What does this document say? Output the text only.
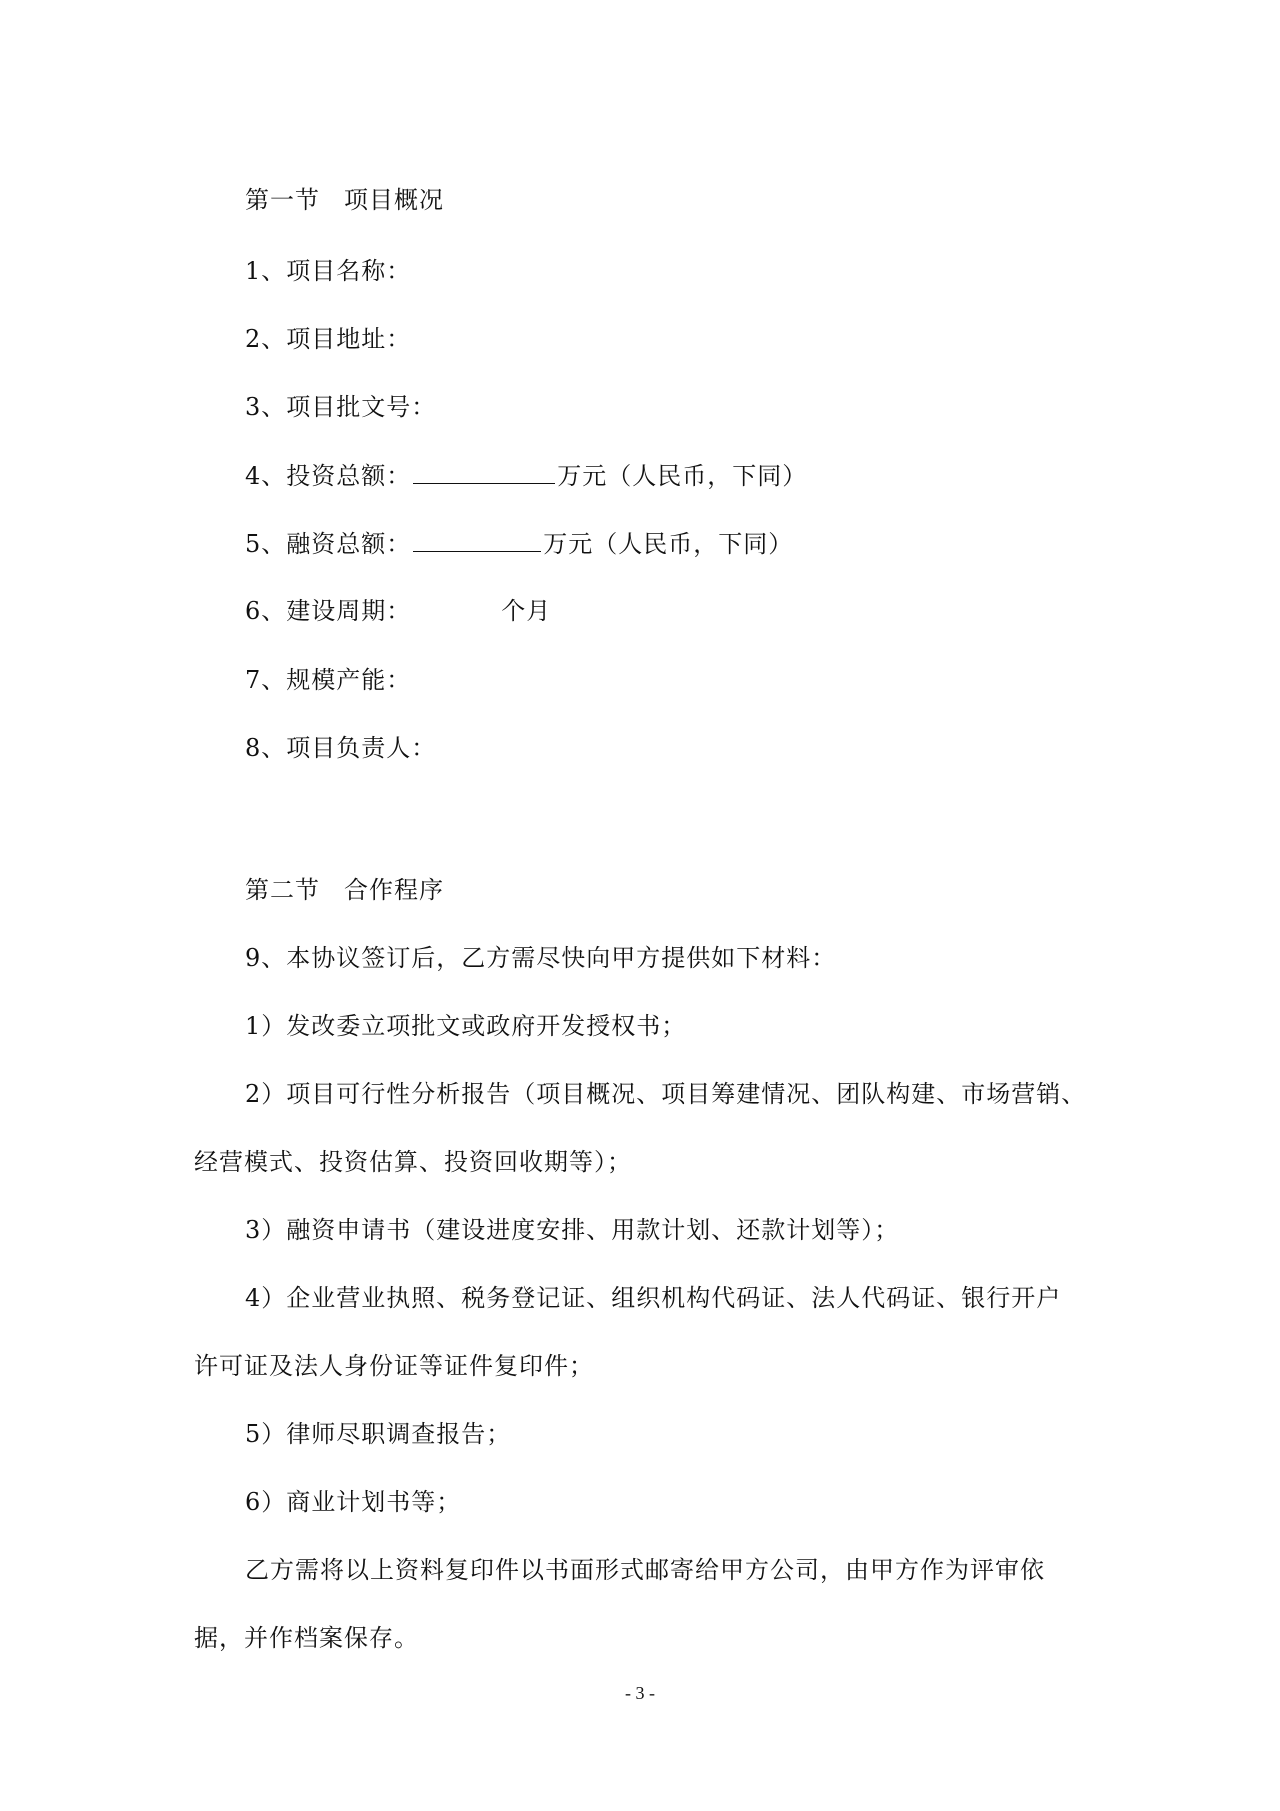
第一节 项目概况
1、项目名称：
2、项目地址：
3、项目批文号：
4、投资总额：	万元（人民币，下同）
5、融资总额：	万元（人民币，下同）
6、建设周期：	个月
7、规模产能：
8、项目负责人：
第二节 合作程序
9、本协议签订后，乙方需尽快向甲方提供如下材料：
1）发改委立项批文或政府开发授权书；
2）项目可行性分析报告（项目概况、项目筹建情况、团队构建、市场营销、
经营模式、投资估算、投资回收期等）；
3）融资申请书（建设进度安排、用款计划、还款计划等）；
4）企业营业执照、税务登记证、组织机构代码证、法人代码证、银行开户
许可证及法人身份证等证件复印件；
5）律师尽职调查报告；
6）商业计划书等；
乙方需将以上资料复印件以书面形式邮寄给甲方公司，由甲方作为评审依
据，并作档案保存。
- 3 -
